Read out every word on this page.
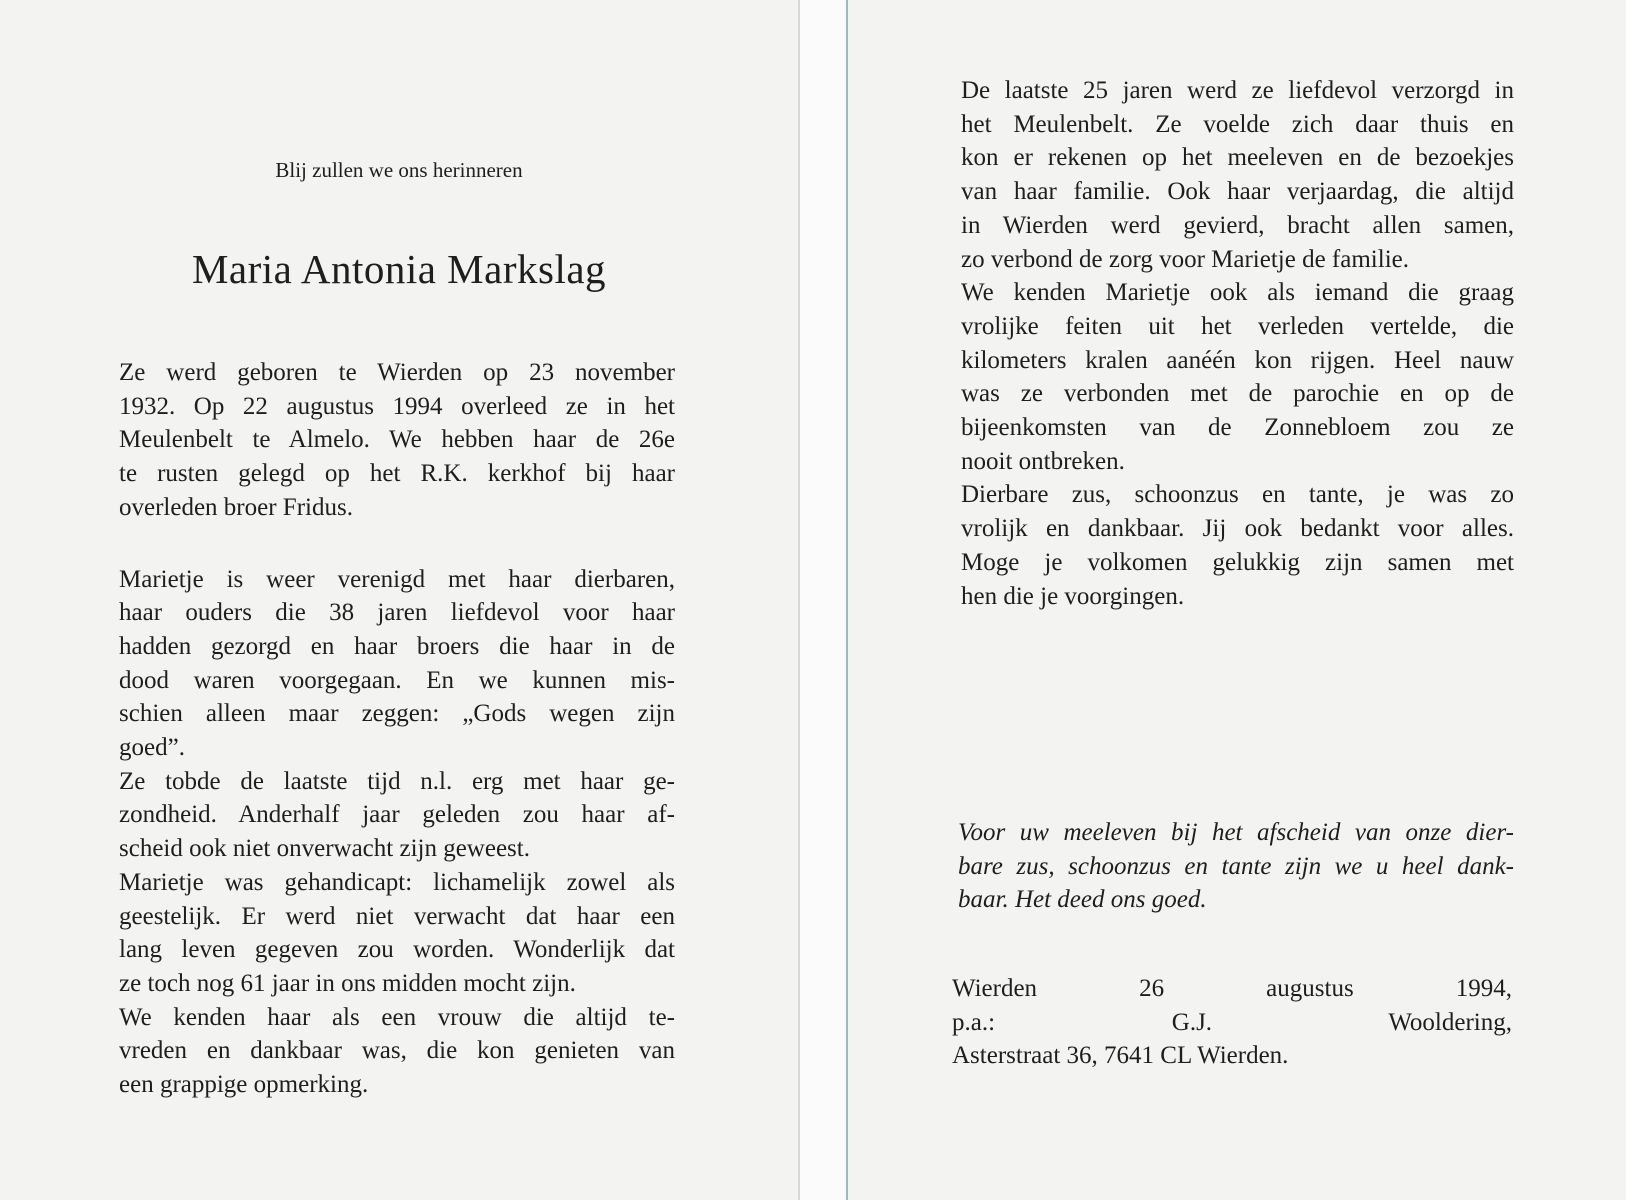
Blij zullen we ons herinneren
Maria Antonia Markslag
Ze werd geboren te Wierden op 23 november
1932. Op 22 augustus 1994 overleed ze in het
Meulenbelt te Almelo. We hebben haar de 26e
te rusten gelegd op het R.K. kerkhof bij haar
overleden broer Fridus.
Marietje is weer verenigd met haar dierbaren,
haar ouders die 38 jaren liefdevol voor haar
hadden gezorgd en haar broers die haar in de
dood waren voorgegaan. En we kunnen mis-
schien alleen maar zeggen: „Gods wegen zijn
goed”.
Ze tobde de laatste tijd n.l. erg met haar ge-
zondheid. Anderhalf jaar geleden zou haar af-
scheid ook niet onverwacht zijn geweest.
Marietje was gehandicapt: lichamelijk zowel als
geestelijk. Er werd niet verwacht dat haar een
lang leven gegeven zou worden. Wonderlijk dat
ze toch nog 61 jaar in ons midden mocht zijn.
We kenden haar als een vrouw die altijd te-
vreden en dankbaar was, die kon genieten van
een grappige opmerking.
De laatste 25 jaren werd ze liefdevol verzorgd in
het Meulenbelt. Ze voelde zich daar thuis en
kon er rekenen op het meeleven en de bezoekjes
van haar familie. Ook haar verjaardag, die altijd
in Wierden werd gevierd, bracht allen samen,
zo verbond de zorg voor Marietje de familie.
We kenden Marietje ook als iemand die graag
vrolijke feiten uit het verleden vertelde, die
kilometers kralen aanéén kon rijgen. Heel nauw
was ze verbonden met de parochie en op de
bijeenkomsten van de Zonnebloem zou ze
nooit ontbreken.
Dierbare zus, schoonzus en tante, je was zo
vrolijk en dankbaar. Jij ook bedankt voor alles.
Moge je volkomen gelukkig zijn samen met
hen die je voorgingen.
Voor uw meeleven bij het afscheid van onze dier-
bare zus, schoonzus en tante zijn we u heel dank-
baar. Het deed ons goed.
Wierden 26 augustus 1994,
p.a.: G.J. Wooldering,
Asterstraat 36, 7641 CL Wierden.
